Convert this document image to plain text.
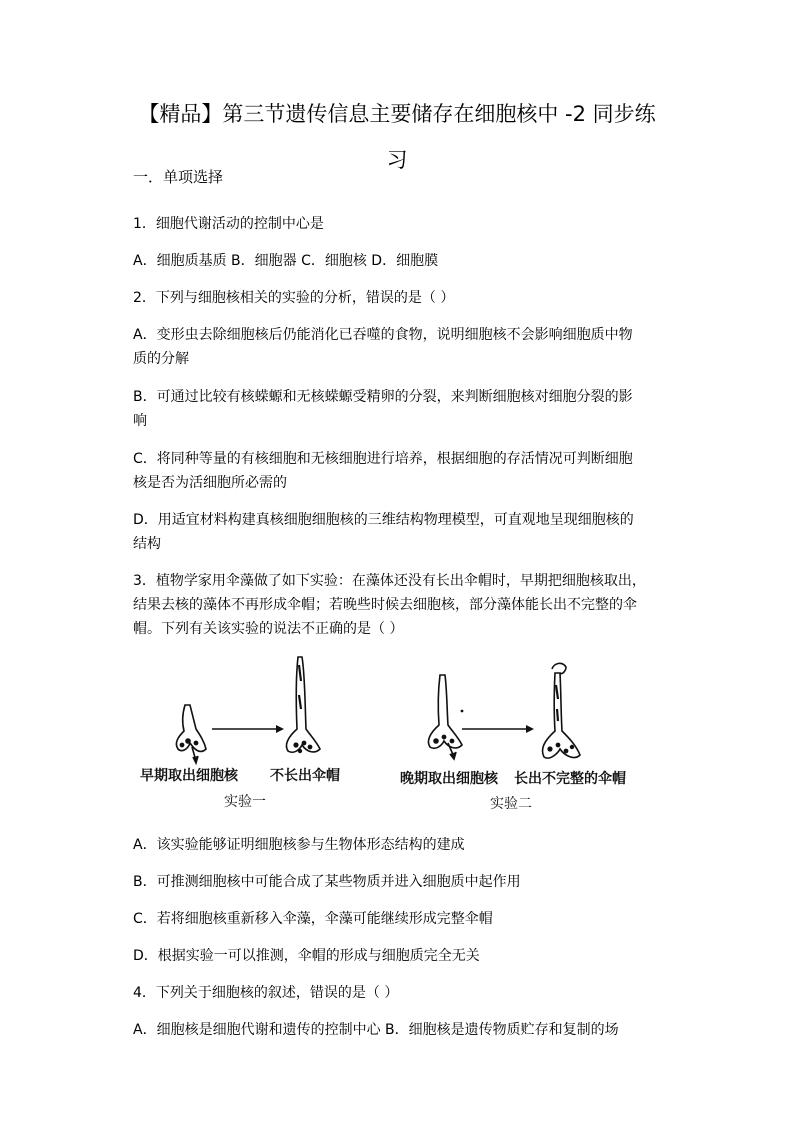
【精品】第三节遗传信息主要储存在细胞核中 -2 同步练
习
一．单项选择
1．细胞代谢活动的控制中心是
A．细胞质基质 B．细胞器 C．细胞核 D．细胞膜
2．下列与细胞核相关的实验的分析，错误的是（ ）
A．变形虫去除细胞核后仍能消化已吞噬的食物，说明细胞核不会影响细胞质中物
质的分解
B．可通过比较有核蝾螈和无核蝾螈受精卵的分裂，来判断细胞核对细胞分裂的影
响
C．将同种等量的有核细胞和无核细胞进行培养，根据细胞的存活情况可判断细胞
核是否为活细胞所必需的
D．用适宜材料构建真核细胞细胞核的三维结构物理模型，可直观地呈现细胞核的
结构
3．植物学家用伞藻做了如下实验：在藻体还没有长出伞帽时，早期把细胞核取出，
结果去核的藻体不再形成伞帽；若晚些时候去细胞核，部分藻体能长出不完整的伞
帽。下列有关该实验的说法不正确的是（ ）
早期取出细胞核 不长出伞帽
实验一
晚期取出细胞核 长出不完整的伞帽
实验二
A．该实验能够证明细胞核参与生物体形态结构的建成
B．可推测细胞核中可能合成了某些物质并进入细胞质中起作用
C．若将细胞核重新移入伞藻，伞藻可能继续形成完整伞帽
D．根据实验一可以推测，伞帽的形成与细胞质完全无关
4．下列关于细胞核的叙述，错误的是（ ）
A．细胞核是细胞代谢和遗传的控制中心 B．细胞核是遗传物质贮存和复制的场
